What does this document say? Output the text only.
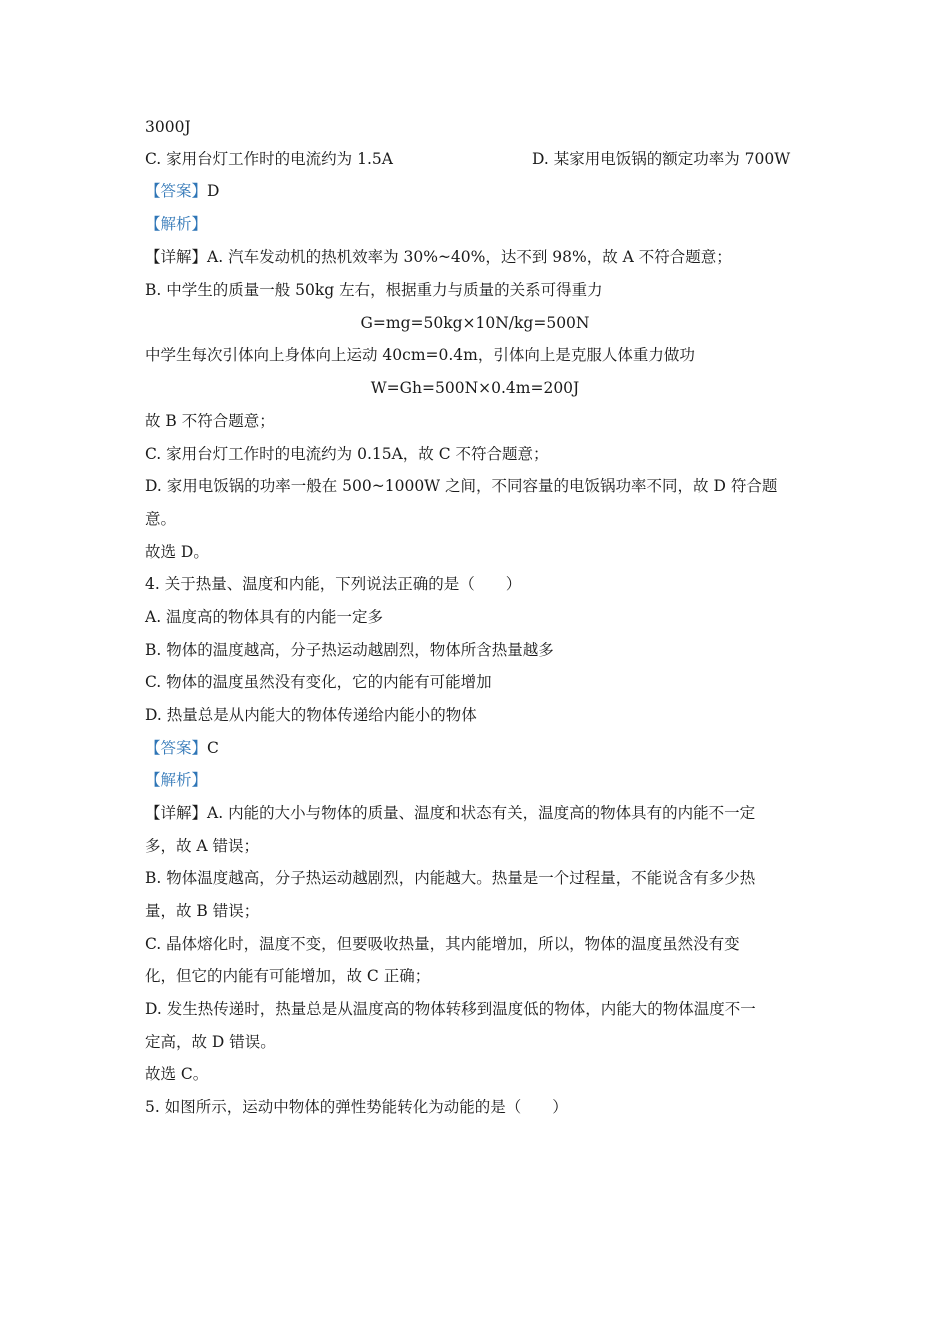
3000J
C. 家用台灯工作时的电流约为 1.5A	D. 某家用电饭锅的额定功率为 700W
【答案】D
【解析】
【详解】A. 汽车发动机的热机效率为 30%~40%，达不到 98%，故 A 不符合题意；
B. 中学生的质量一般 50kg 左右，根据重力与质量的关系可得重力
G=mg=50kg×10N/kg=500N
中学生每次引体向上身体向上运动 40cm=0.4m，引体向上是克服人体重力做功
W=Gh=500N×0.4m=200J
故 B 不符合题意；
C. 家用台灯工作时的电流约为 0.15A，故 C 不符合题意；
D. 家用电饭锅的功率一般在 500~1000W 之间，不同容量的电饭锅功率不同，故 D 符合题
意。
故选 D。
4. 关于热量、温度和内能，下列说法正确的是（　　）
A. 温度高的物体具有的内能一定多
B. 物体的温度越高，分子热运动越剧烈，物体所含热量越多
C. 物体的温度虽然没有变化，它的内能有可能增加
D. 热量总是从内能大的物体传递给内能小的物体
【答案】C
【解析】
【详解】A. 内能的大小与物体的质量、温度和状态有关，温度高的物体具有的内能不一定
多，故 A 错误；
B. 物体温度越高，分子热运动越剧烈，内能越大。热量是一个过程量，不能说含有多少热
量，故 B 错误；
C. 晶体熔化时，温度不变，但要吸收热量，其内能增加，所以，物体的温度虽然没有变
化，但它的内能有可能增加，故 C 正确；
D. 发生热传递时，热量总是从温度高的物体转移到温度低的物体，内能大的物体温度不一
定高，故 D 错误。
故选 C。
5. 如图所示，运动中物体的弹性势能转化为动能的是（　　）
